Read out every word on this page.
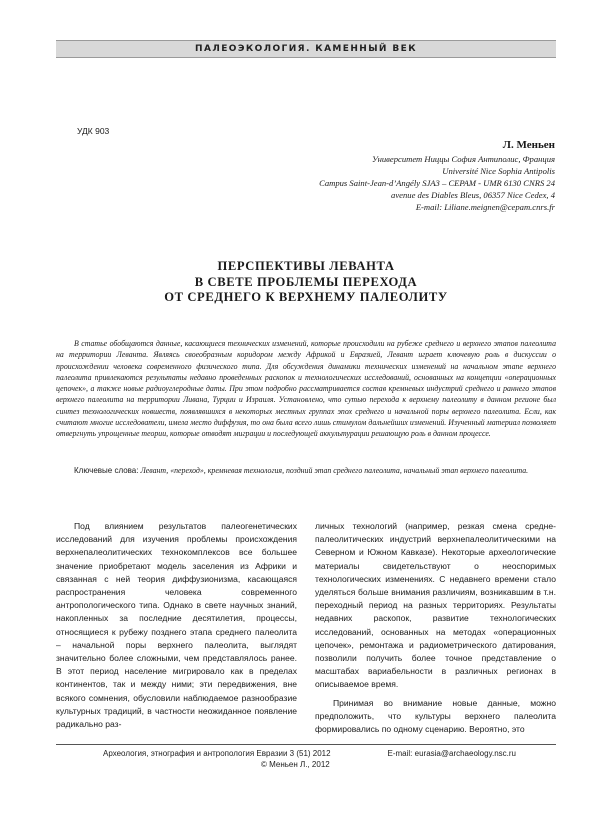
ПАЛЕОЭКОЛОГИЯ. КАМЕННЫЙ ВЕК
УДК 903
Л. Меньен
Университет Ниццы София Антиполис, Франция
Université Nice Sophia Antipolis
Campus Saint-Jean-d’Angély SJA3 – CEPAM - UMR 6130 CNRS 24
avenue des Diables Bleus, 06357 Nice Cedex, 4
E-mail: Liliane.meignen@cepam.cnrs.fr
ПЕРСПЕКТИВЫ ЛЕВАНТА
В СВЕТЕ ПРОБЛЕМЫ ПЕРЕХОДА
ОТ СРЕДНЕГО К ВЕРХНЕМУ ПАЛЕОЛИТУ
В статье обобщаются данные, касающиеся технических изменений, которые происходили на рубеже среднего и верхнего этапов палеолита на территории Леванта. Являясь своеобразным коридором между Африкой и Евразией, Левант играет ключевую роль в дискуссии о происхождении человека современного физического типа. Для обсуждения динамики технических изменений на начальном этапе верхнего палеолита привлекаются результаты недавно проведенных раскопок и технологических исследований, основанных на концепции «операционных цепочек», а также новые радиоуглеродные даты. При этом подробно рассматривается состав кремневых индустрий среднего и раннего этапов верхнего палеолита на территории Ливана, Турции и Израиля. Установлено, что сутью перехода к верхнему палеолиту в данном регионе был синтез технологических новшеств, появлявшихся в некоторых местных группах эпох среднего и начальной поры верхнего палеолита. Если, как считают многие исследователи, имела место диффузия, то она была всего лишь стимулом дальнейших изменений. Изученный материал позволяет отвергнуть упрощенные теории, которые отводят миграции и последующей аккультурации решающую роль в данном процессе.
Ключевые слова: Левант, «переход», кремневая технология, поздний этап среднего палеолита, начальный этап верхнего палеолита.

Под влиянием результатов палеогенетических исследований для изучения проблемы происхождения верхнепалеолитических технокомплексов все большее значение приобретают модель заселения из Африки и связанная с ней теория диффузионизма, касающаяся распространения человека современного антропологического типа. Однако в свете научных знаний, накопленных за последние десятилетия, процессы, относящиеся к рубежу позднего этапа среднего палеолита – начальной поры верхнего палеолита, выглядят значительно более сложными, чем представлялось ранее. В этот период население мигрировало как в пределах континентов, так и между ними; эти передвижения, вне всякого сомнения, обусловили наблюдаемое разнообразие культурных традиций, в частности неожиданное появление радикально раз-

личных технологий (например, резкая смена среднепалеолитических индустрий верхнепалеолитическими на Северном и Южном Кавказе). Некоторые археологические материалы свидетельствуют о неоспоримых технологических изменениях. С недавнего времени стало уделяться больше внимания различиям, возникавшим в т.н. переходный период на разных территориях. Результаты недавних раскопок, развитие технологических исследований, основанных на методах «операционных цепочек», ремонтажа и радиометрического датирования, позволили получить более точное представление о масштабах вариабельности в различных регионах в описываемое время.

Принимая во внимание новые данные, можно предположить, что культуры верхнего палеолита формировались по одному сценарию. Вероятно, это

Археология, этнография и антропология Евразии 3 (51) 2012	E-mail: eurasia@archaeology.nsc.ru
© Меньен Л., 2012
